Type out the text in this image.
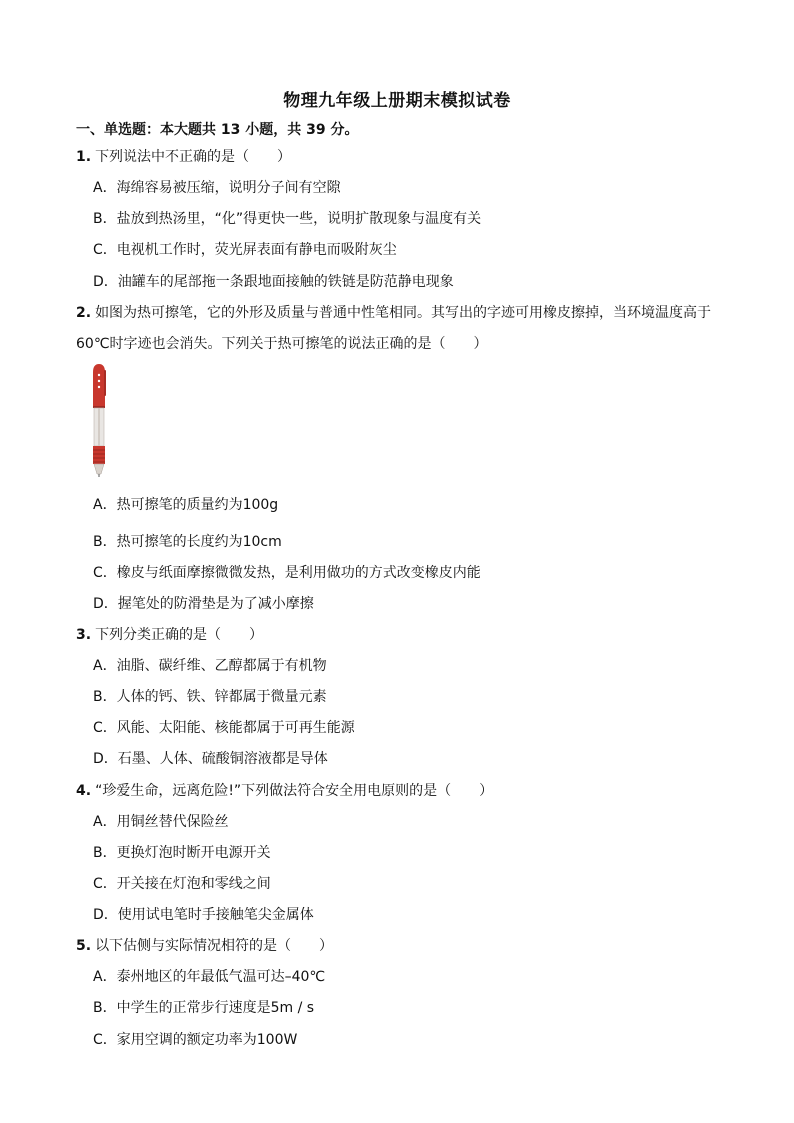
物理九年级上册期末模拟试卷
一、单选题：本大题共 13 小题，共 39 分。
1. 下列说法中不正确的是（　　）
A．海绵容易被压缩，说明分子间有空隙
B．盐放到热汤里，“化”得更快一些，说明扩散现象与温度有关
C．电视机工作时，荧光屏表面有静电而吸附灰尘
D．油罐车的尾部拖一条跟地面接触的铁链是防范静电现象
2. 如图为热可擦笔，它的外形及质量与普通中性笔相同。其写出的字迹可用橡皮擦掉，当环境温度高于
60℃时字迹也会消失。下列关于热可擦笔的说法正确的是（　　）
A．热可擦笔的质量约为100g
B．热可擦笔的长度约为10cm
C．橡皮与纸面摩擦微微发热，是利用做功的方式改变橡皮内能
D．握笔处的防滑垫是为了减小摩擦
3. 下列分类正确的是（　　）
A．油脂、碳纤维、乙醇都属于有机物
B．人体的钙、铁、锌都属于微量元素
C．风能、太阳能、核能都属于可再生能源
D．石墨、人体、硫酸铜溶液都是导体
4. “珍爱生命，远离危险!”下列做法符合安全用电原则的是（　　）
A．用铜丝替代保险丝
B．更换灯泡时断开电源开关
C．开关接在灯泡和零线之间
D．使用试电笔时手接触笔尖金属体
5. 以下估侧与实际情况相符的是（　　）
A．泰州地区的年最低气温可达–40℃
B．中学生的正常步行速度是5m / s
C．家用空调的额定功率为100W
